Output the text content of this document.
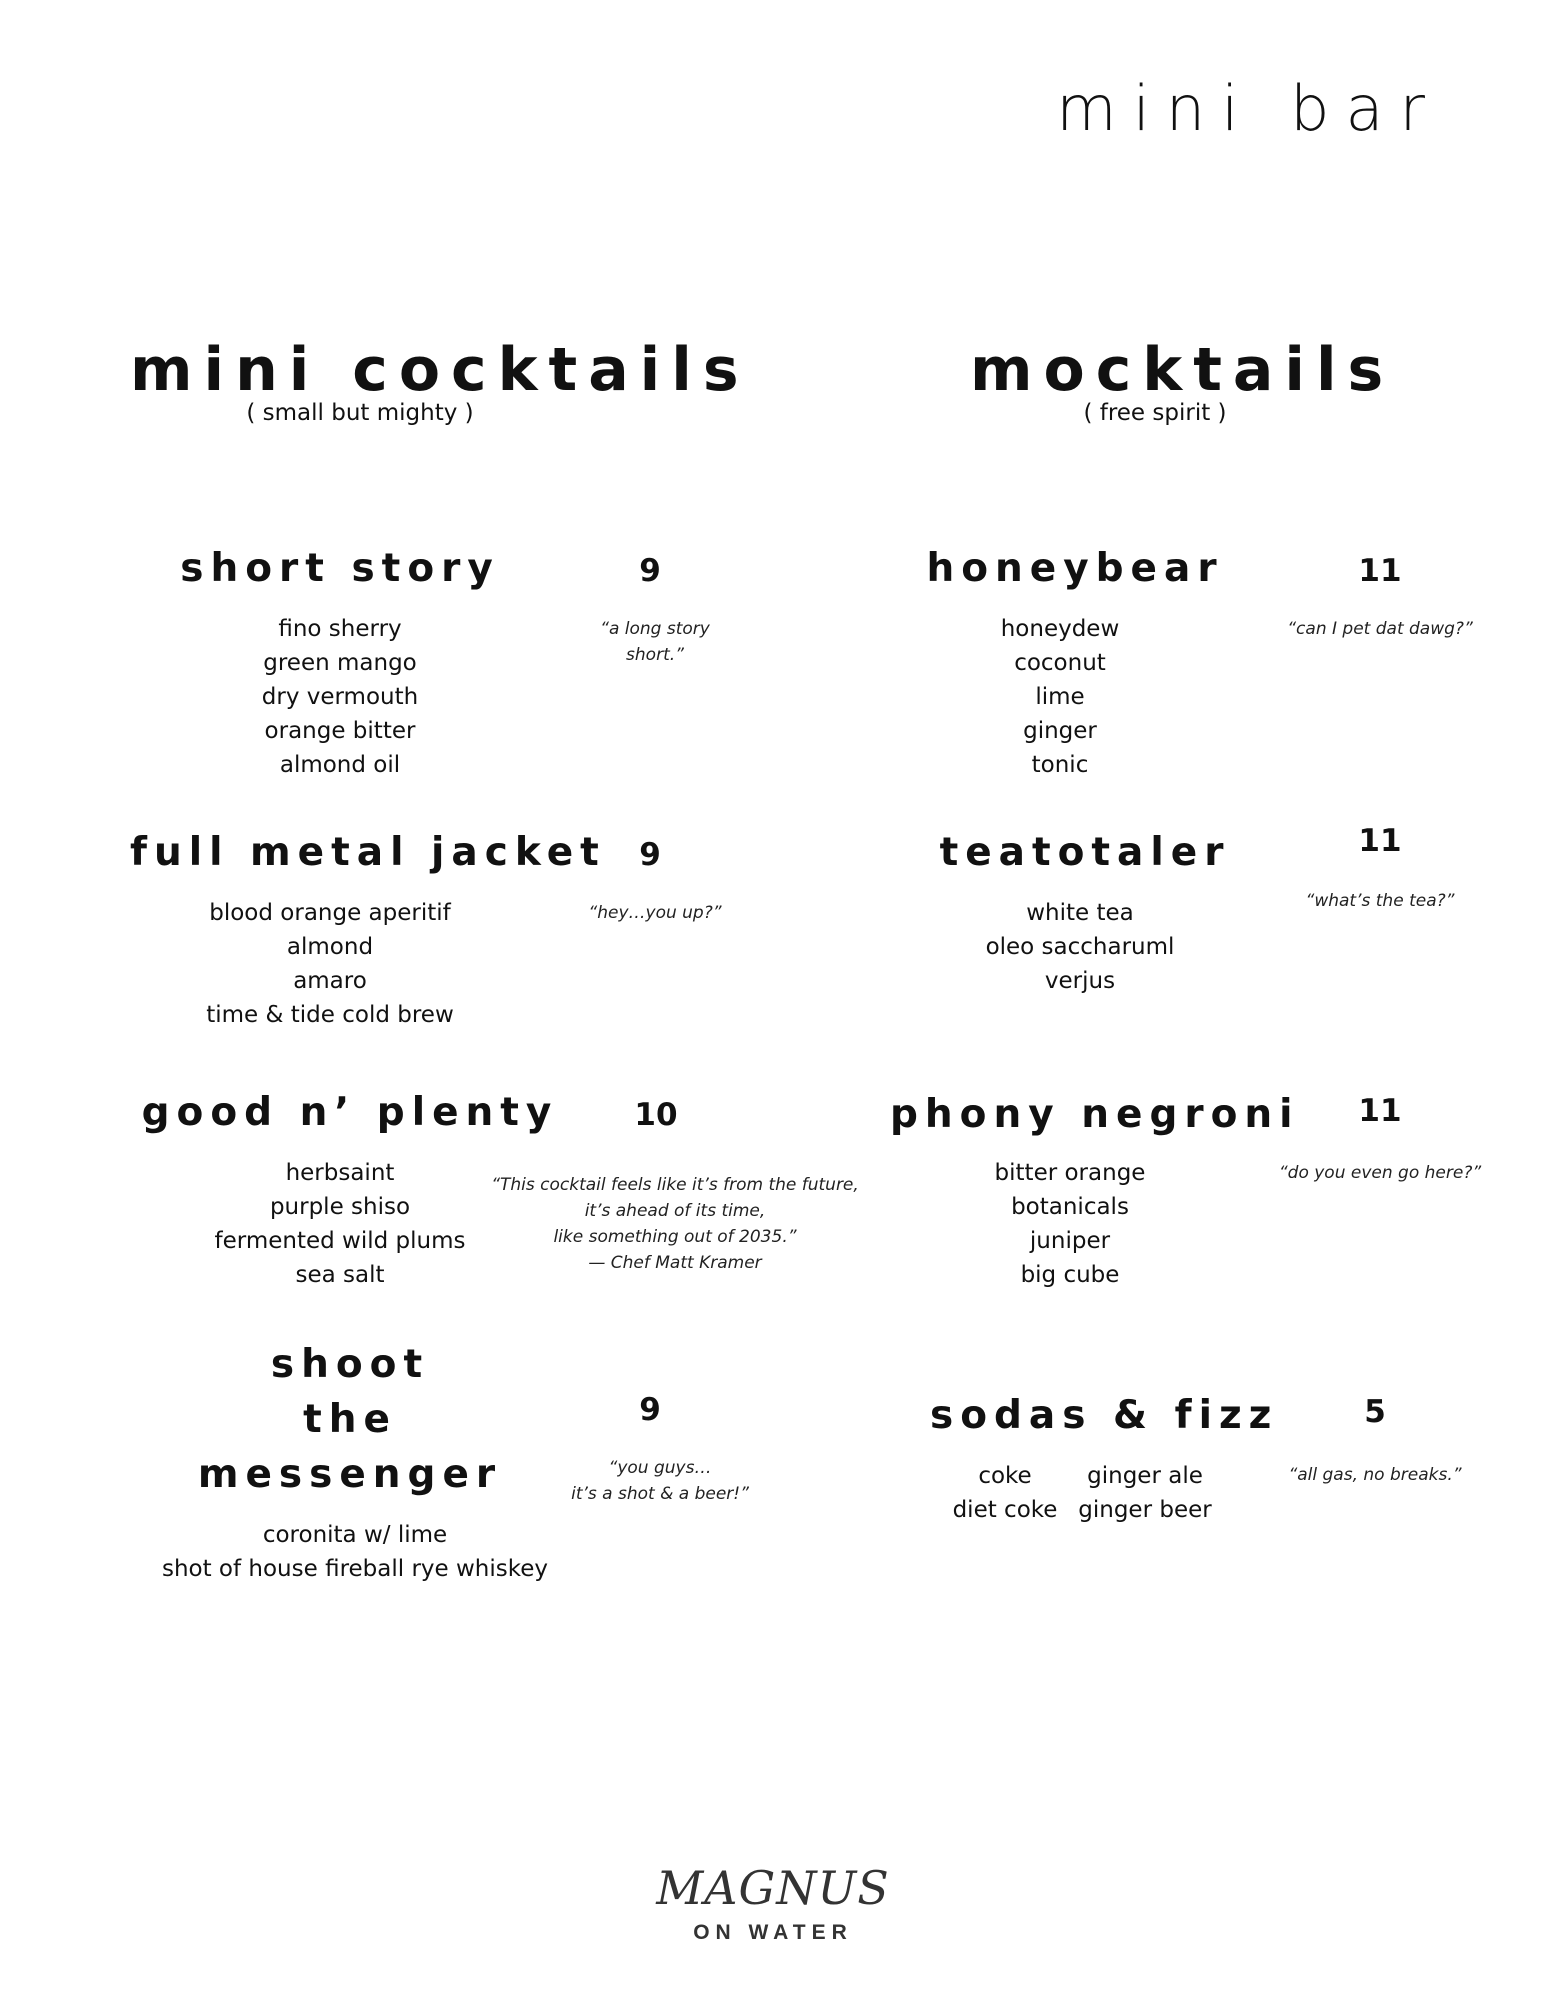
mini bar
mini cocktails
( small but mighty )
mocktails
( free spirit )
short story	9
fino sherry
green mango
dry vermouth
orange bitter
almond oil
“a long story
short.”
full metal jacket	9
blood orange aperitif
almond
amaro
time & tide cold brew
“hey…you up?”
good n’ plenty	10
herbsaint
purple shiso
fermented wild plums
sea salt
“This cocktail feels like it’s from the future,
it’s ahead of its time,
like something out of 2035.”
— Chef Matt Kramer
shoot
the
messenger
9
coronita w/ lime
shot of house fireball rye whiskey
“you guys…
it’s a shot & a beer!”
honeybear	11
honeydew
coconut
lime
ginger
tonic
“can I pet dat dawg?”
teatotaler	11
white tea
oleo saccharuml
verjus
“what’s the tea?”
phony negroni	11
bitter orange
botanicals
juniper
big cube
“do you even go here?”
sodas & fizz	5
coke
diet coke
ginger ale
ginger beer
“all gas, no breaks.”
MAGNUS
ON WATER
